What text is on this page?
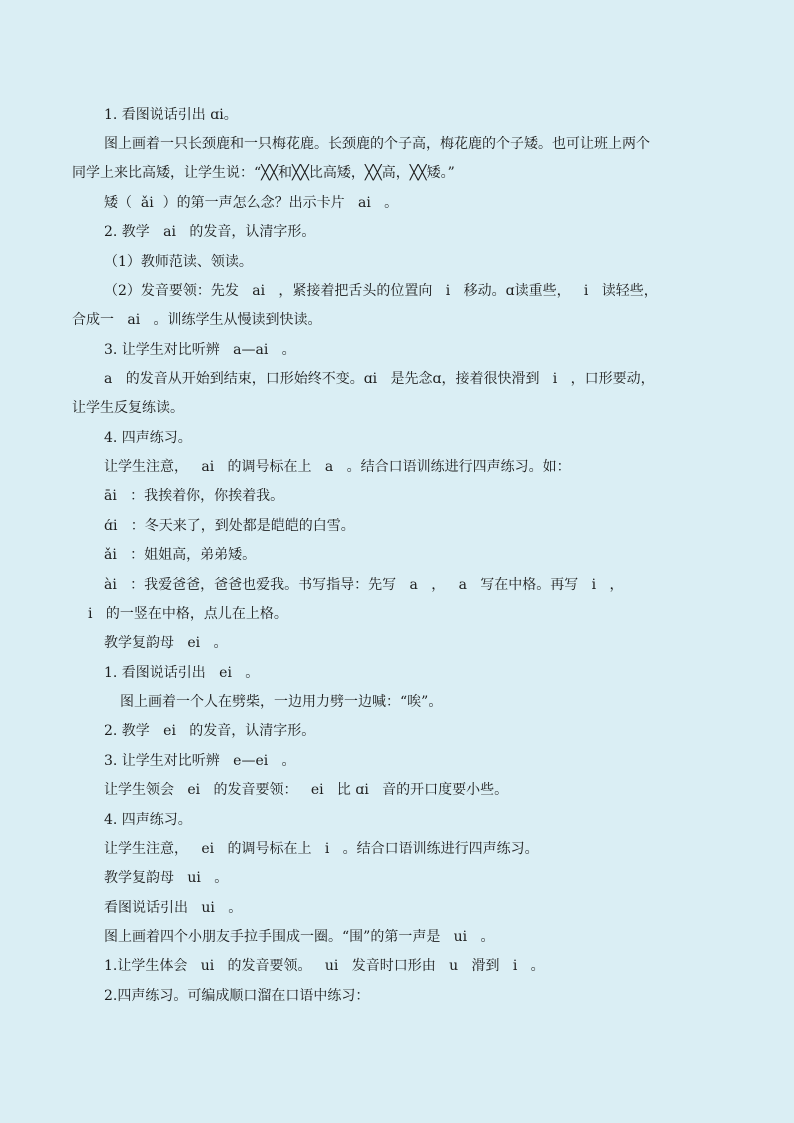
1. 看图说话引出 ɑi。

图上画着一只长颈鹿和一只梅花鹿。长颈鹿的个子高，梅花鹿的个子矮。也可让班上两个

同学上来比高矮，让学生说：“╳╳和╳╳比高矮，╳╳高，╳╳矮。”

矮（  ǎi  ）的第一声怎么念？出示卡片   ai   。

2. 教学   ai   的发音，认清字形。

（1）教师范读、领读。

（2）发音要领：先发   ai   ，紧接着把舌头的位置向   i   移动。ɑ读重些，   i   读轻些，

合成一   ai   。训练学生从慢读到快读。

3. 让学生对比听辨   a—ai   。

a   的发音从开始到结束，口形始终不变。ɑi   是先念ɑ，接着很快滑到   i   ，口形要动，

让学生反复练读。

4. 四声练习。

让学生注意，   ai   的调号标在上   a   。结合口语训练进行四声练习。如：

āi   ：我挨着你，你挨着我。

ɑ́i   ：冬天来了，到处都是皑皑的白雪。

ǎi   ：姐姐高，弟弟矮。

ài   ：我爱爸爸，爸爸也爱我。书写指导：先写   a   ，   a   写在中格。再写   i   ，

i   的一竖在中格，点儿在上格。

教学复韵母   ei   。

1. 看图说话引出   ei   。

图上画着一个人在劈柴，一边用力劈一边喊：“唉”。

2. 教学   ei   的发音，认清字形。

3. 让学生对比听辨   e—ei   。

让学生领会   ei   的发音要领：   ei   比 ɑi   音的开口度要小些。

4. 四声练习。

让学生注意，   ei   的调号标在上   i   。结合口语训练进行四声练习。

教学复韵母   ui   。

看图说话引出   ui   。

图上画着四个小朋友手拉手围成一圈。“围”的第一声是   ui   。

1.让学生体会   ui   的发音要领。   ui   发音时口形由   u   滑到   i   。

2.四声练习。可编成顺口溜在口语中练习：
